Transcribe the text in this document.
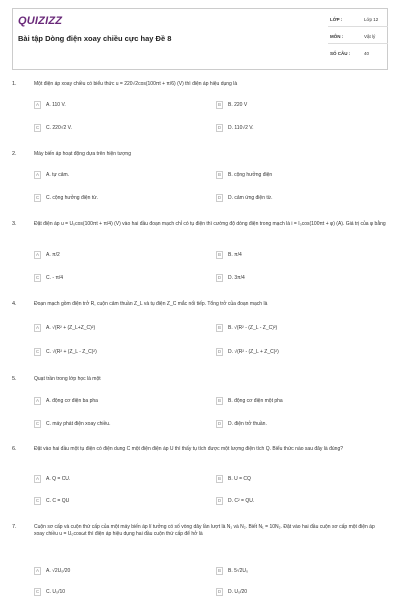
QUIZIZZ
Bài tập Dòng điện xoay chiều cực hay Đề 8
LỚP :	Lớp 12
MÔN :	Vật lý
SỐ CÂU :	40
1.	Một điện áp xoay chiều có biểu thức u = 220√2cos(100πt + π/6) (V) thì điện áp hiệu dụng là
A	A. 110 V.	B	B. 220 V
C	C. 220√2 V.	D	D. 110√2 V.
2.	Máy biến áp hoạt động dựa trên hiện tượng
A	A. tự cảm.	B	B. cộng hưởng điện
C	C. cộng hưởng điện từ.	D	D. cảm ứng điện từ.
3.	Đặt điện áp u = U₀cos(100πt + π/4) (V) vào hai đầu đoạn mạch chỉ có tụ điện thì cường độ dòng điện trong mạch là i = I₀cos(100πt + φ) (A). Giá trị của φ bằng
A	A. π/2	B	B. π/4
C	C. - π/4	D	D. 3π/4
4.	Đoạn mạch gồm điện trở R, cuộn cảm thuần Z_L và tụ điện Z_C mắc nối tiếp. Tổng trở của đoạn mạch là
A	A. √(R² + (Z_L+Z_C)²)	B	B. √(R² - (Z_L - Z_C)²)
C	C. √(R² + (Z_L - Z_C)²)	D	D. √(R² - (Z_L + Z_C)²)
5.	Quạt trần trong lớp học là một
A	A. động cơ điện ba pha	B	B. động cơ điện một pha
C	C. máy phát điện xoay chiều.	D	D. điện trở thuần.
6.	Đặt vào hai đầu một tụ điện có điện dung C một điện điện áp U thì thấy tụ tích được một lượng điện tích Q. Biểu thức nào sau đây là đúng?
A	A. Q = CU.	B	B. U = CQ
C	C. C = QU	D	D. C² = QU.
7.	Cuộn sơ cấp và cuộn thứ cấp của một máy biến áp lí tưởng có số vòng dây lần lượt là N₁ và N₂. Biết N₁ = 10N₂. Đặt vào hai đầu cuộn sơ cấp một điện áp xoay chiều u = U₀cosωt thì điện áp hiệu dụng hai đầu cuộn thứ cấp để hở là
A	A. √2U₀/20	B	B. 5√2U₀
C	C. U₀/10	D	D. U₀/20
